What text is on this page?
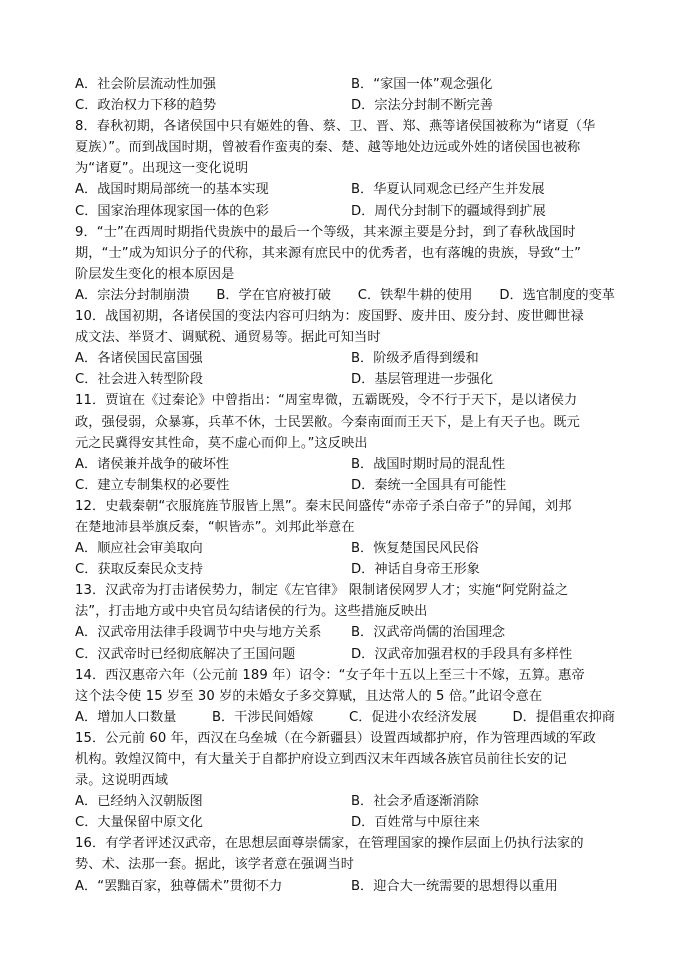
A．社会阶层流动性加强	B．“家国一体”观念强化
C．政治权力下移的趋势	D．宗法分封制不断完善
8．春秋初期，各诸侯国中只有姬姓的鲁、蔡、卫、晋、郑、燕等诸侯国被称为“诸夏（华
夏族）”。而到战国时期，曾被看作蛮夷的秦、楚、越等地处边远或外姓的诸侯国也被称
为“诸夏”。出现这一变化说明
A．战国时期局部统一的基本实现	B．华夏认同观念已经产生并发展
C．国家治理体现家国一体的色彩	D．周代分封制下的疆域得到扩展
9．“士”在西周时期指代贵族中的最后一个等级，其来源主要是分封，到了春秋战国时
期，“士”成为知识分子的代称，其来源有庶民中的优秀者，也有落魄的贵族，导致“士”
阶层发生变化的根本原因是
A．宗法分封制崩溃 B．学在官府被打破 C．铁犁牛耕的使用 D．选官制度的变革
10．战国初期，各诸侯国的变法内容可归纳为：废国野、废井田、废分封、废世卿世禄
成文法、举贤才、调赋税、通贸易等。据此可知当时
A．各诸侯国民富国强	B．阶级矛盾得到缓和
C．社会进入转型阶段	D．基层管理进一步强化
11．贾谊在《过秦论》中曾指出：“周室卑微，五霸既殁，令不行于天下，是以诸侯力
政，强侵弱，众暴寡，兵革不休，士民罢敝。今秦南面而王天下，是上有天子也。既元
元之民冀得安其性命，莫不虚心而仰上。”这反映出
A．诸侯兼并战争的破坏性	B．战国时期时局的混乱性
C．建立专制集权的必要性	D．秦统一全国具有可能性
12．史载秦朝“衣服旄旌节服皆上黑”。秦末民间盛传“赤帝子杀白帝子”的异闻，刘邦
在楚地沛县举旗反秦，“帜皆赤”。刘邦此举意在
A．顺应社会审美取向	B．恢复楚国民风民俗
C．获取反秦民众支持	D．神话自身帝王形象
13．汉武帝为打击诸侯势力，制定《左官律》 限制诸侯网罗人才；实施“阿党附益之
法”，打击地方或中央官员勾结诸侯的行为。这些措施反映出
A．汉武帝用法律手段调节中央与地方关系	B．汉武帝尚儒的治国理念
C．汉武帝时已经彻底解决了王国问题	D．汉武帝加强君权的手段具有多样性
14．西汉惠帝六年（公元前 189 年）诏令：“女子年十五以上至三十不嫁，五算。惠帝
这个法令使 15 岁至 30 岁的未婚女子多交算赋，且达常人的 5 倍。”此诏令意在
A．增加人口数量	B．干涉民间婚嫁	C．促进小农经济发展	D．提倡重农抑商
15．公元前 60 年，西汉在乌垒城（在今新疆县）设置西域都护府，作为管理西域的军政
机构。敦煌汉简中，有大量关于自都护府设立到西汉末年西域各族官员前往长安的记
录。这说明西域
A．已经纳入汉朝版图	B．社会矛盾逐渐消除
C．大量保留中原文化	D．百姓常与中原往来
16．有学者评述汉武帝，在思想层面尊崇儒家，在管理国家的操作层面上仍执行法家的
势、术、法那一套。据此，该学者意在强调当时
A．“罢黜百家，独尊儒术”贯彻不力	B．迎合大一统需要的思想得以重用
